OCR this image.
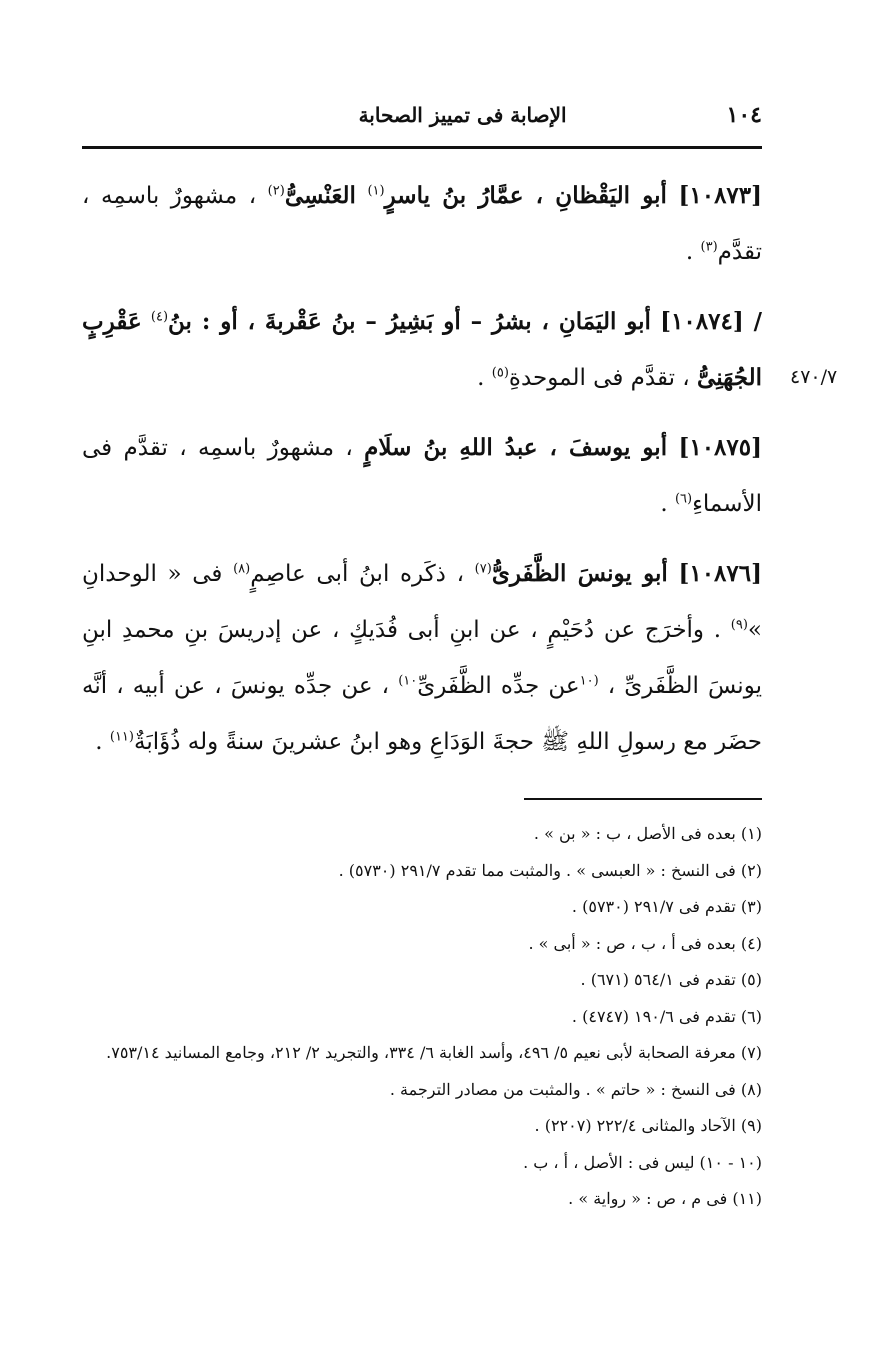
١٠٤
الإصابة فى تمييز الصحابة
٤٧٠/٧

[١٠٨٧٣] أبو اليَقْظانِ ، عمَّارُ بنُ ياسرٍ$^{(١)}$ العَنْسِىُّ$^{(٢)}$ ، مشهورٌ باسمِه ، تقدَّم$^{(٣)}$ .

/ [١٠٨٧٤] أبو اليَمَانِ ، بشرُ – أو بَشِيرُ – بنُ عَقْربةَ ، أو : بنُ$^{(٤)}$ عَقْرِبٍ الجُهَنِىُّ ، تقدَّم فى الموحدةِ$^{(٥)}$ .

[١٠٨٧٥] أبو يوسفَ ، عبدُ اللهِ بنُ سلَامٍ ، مشهورٌ باسمِه ، تقدَّم فى الأسماءِ$^{(٦)}$ .

[١٠٨٧٦] أبو يونسَ الظَّفَرىُّ$^{(٧)}$ ، ذكَره ابنُ أبى عاصِمٍ$^{(٨)}$ فى « الوحدانِ »$^{(٩)}$ . وأخرَج عن دُحَيْمٍ ، عن ابنِ أبى فُدَيكٍ ، عن إدريسَ بنِ محمدِ ابنِ يونسَ الظَّفَرىِّ ، $^{(١٠}$عن جدِّه الظَّفَرىِّ$^{١٠)}$ ، عن جدِّه يونسَ ، عن أبيه ، أنَّه حضَر مع رسولِ اللهِ ﷺ حجةَ الوَدَاعِ وهو ابنُ عشرينَ سنةً وله ذُؤَابَةٌ$^{(١١)}$ .

(١) بعده فى الأصل ، ب : « بن » .

(٢) فى النسخ : « العبسى » . والمثبت مما تقدم ٢٩١/٧ (٥٧٣٠) .

(٣) تقدم فى ٢٩١/٧ (٥٧٣٠) .

(٤) بعده فى أ ، ب ، ص : « أبى » .

(٥) تقدم فى ٥٦٤/١ (٦٧١) .

(٦) تقدم فى ١٩٠/٦ (٤٧٤٧) .

(٧) معرفة الصحابة لأبى نعيم ٥/ ٤٩٦، وأسد الغابة ٦/ ٣٣٤، والتجريد ٢/ ٢١٢، وجامع المسانيد ٧٥٣/١٤.

(٨) فى النسخ : « حاتم » . والمثبت من مصادر الترجمة .

(٩) الآحاد والمثانى ٢٢٢/٤ (٢٢٠٧) .

(١٠ - ١٠) ليس فى : الأصل ، أ ، ب .

(١١) فى م ، ص : « رواية » .
